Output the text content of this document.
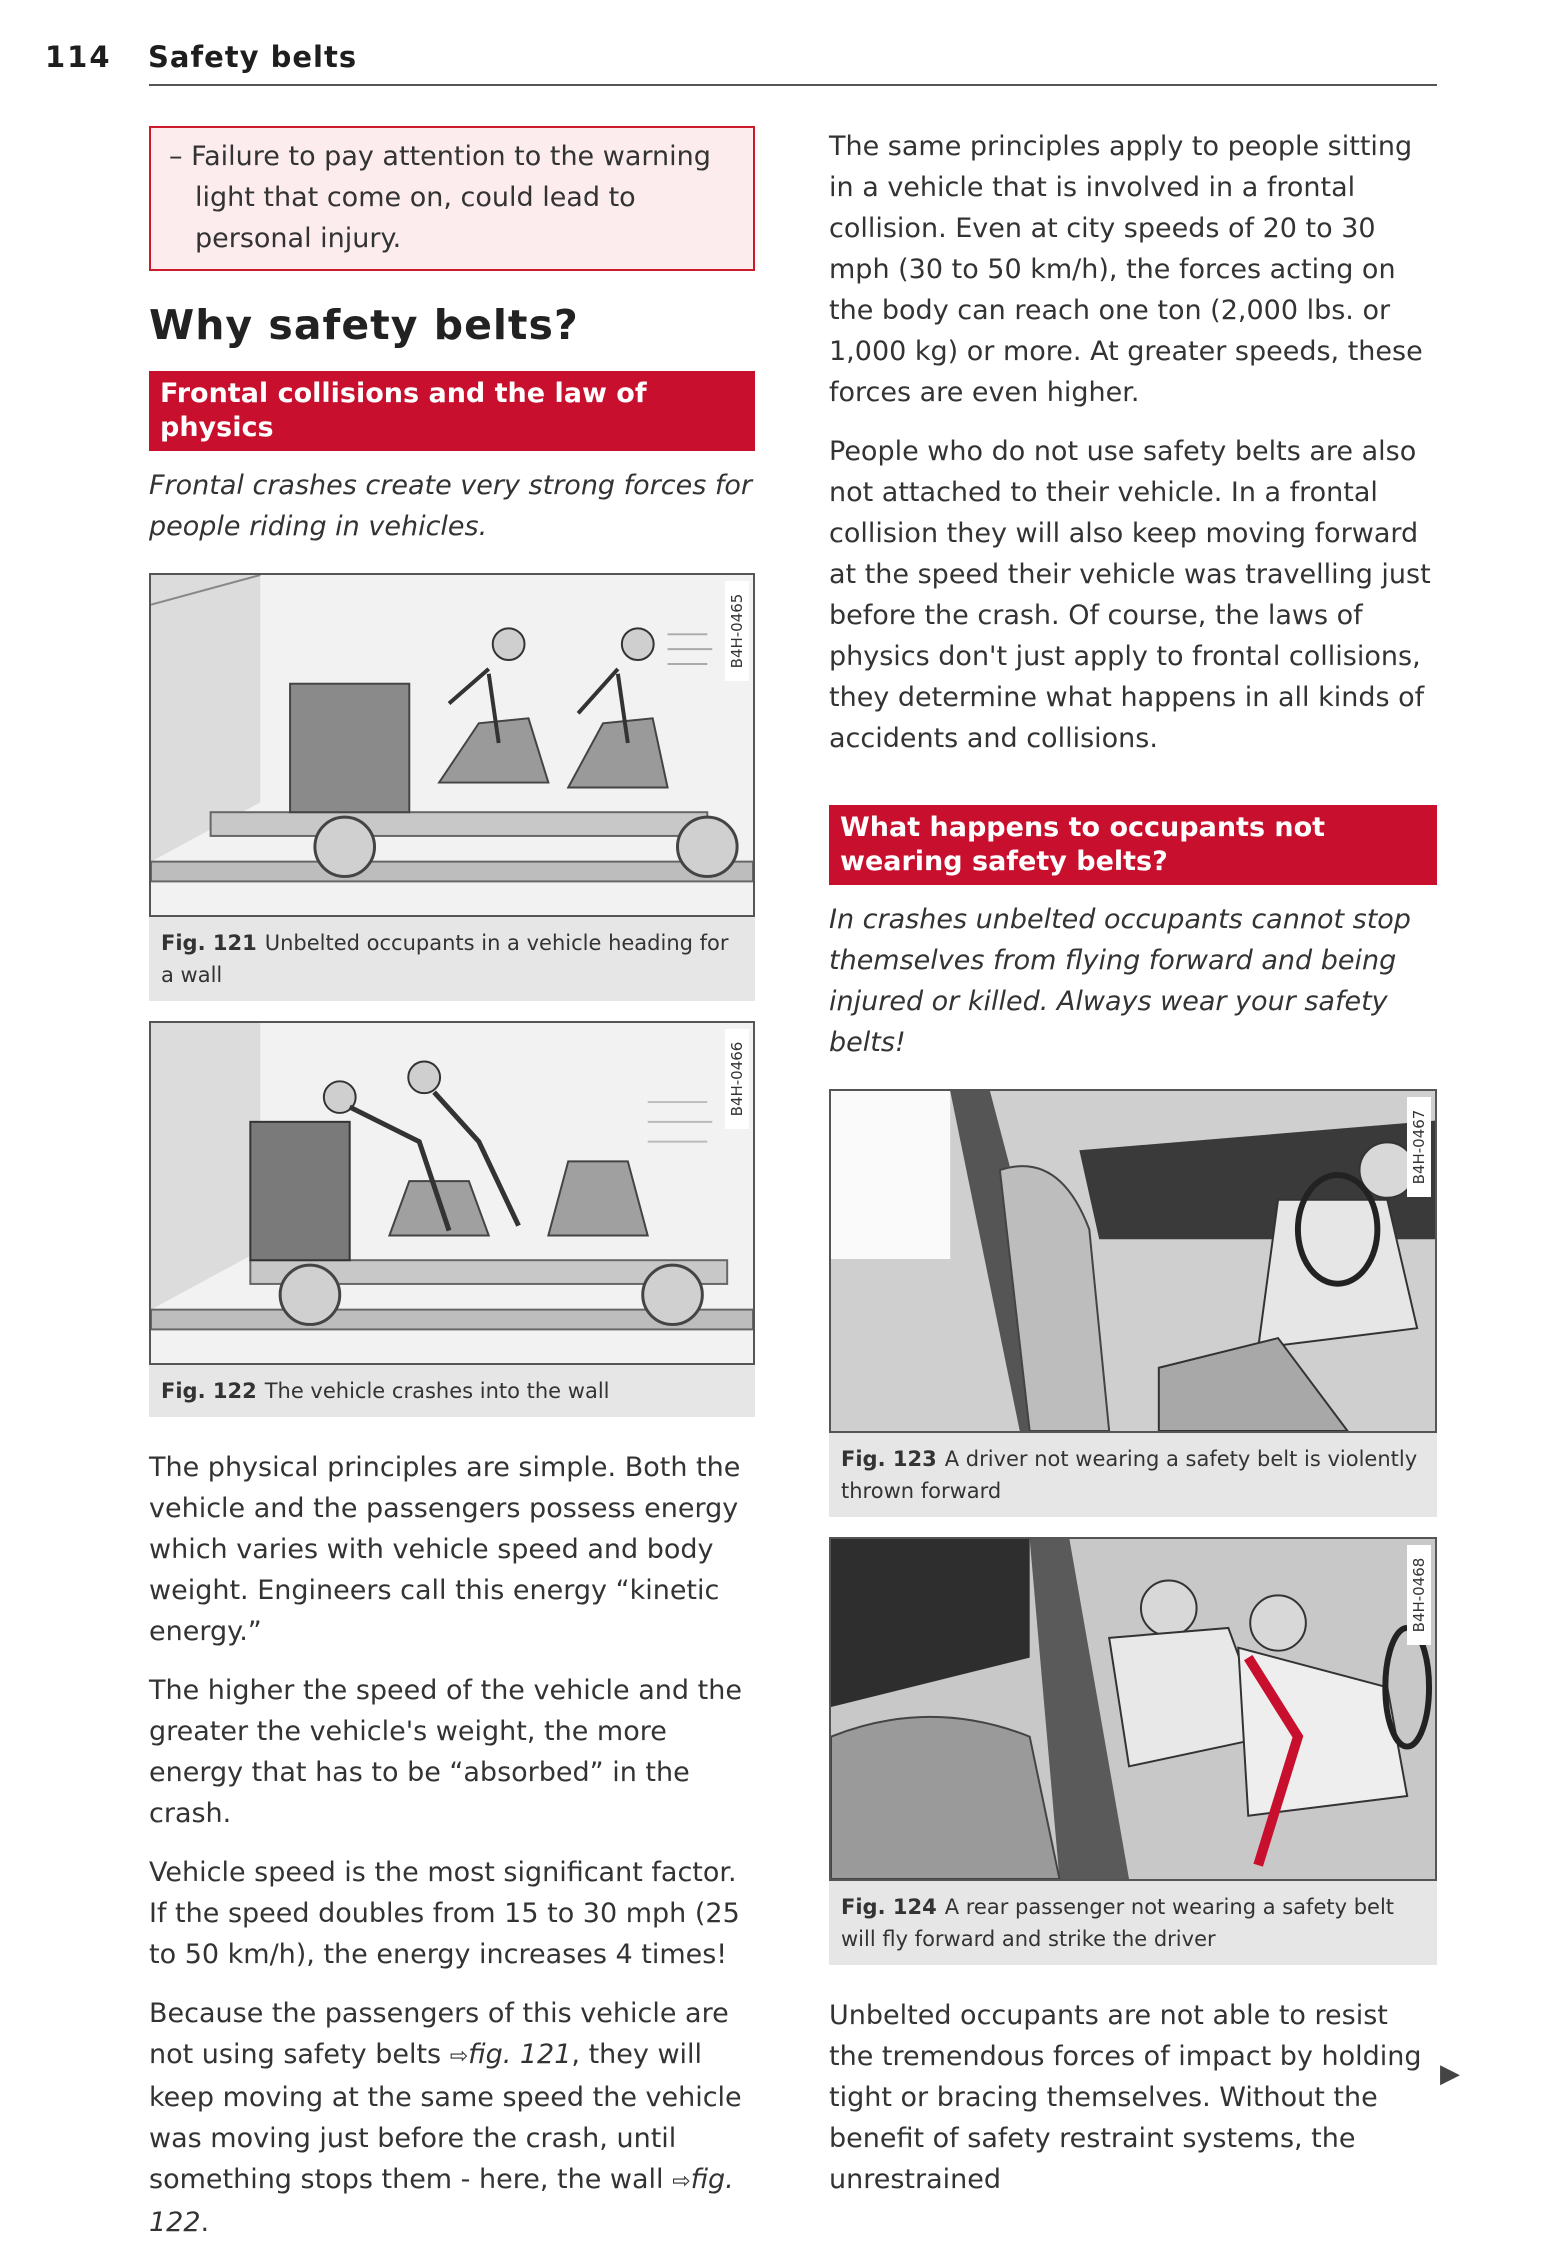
114 Safety belts
– Failure to pay attention to the warning light that come on, could lead to personal injury.
Why safety belts?
Frontal collisions and the law of physics
Frontal crashes create very strong forces for people riding in vehicles.
B4H-0465
Fig. 121 Unbelted occupants in a vehicle heading for a wall
B4H-0466
Fig. 122 The vehicle crashes into the wall

The physical principles are simple. Both the vehicle and the passengers possess energy which varies with vehicle speed and body weight. Engineers call this energy “kinetic energy.”

The higher the speed of the vehicle and the greater the vehicle's weight, the more energy that has to be “absorbed” in the crash.

Vehicle speed is the most significant factor. If the speed doubles from 15 to 30 mph (25 to 50 km/h), the energy increases 4 times!

Because the passengers of this vehicle are not using safety belts ⇨fig. 121, they will keep moving at the same speed the vehicle was moving just before the crash, until something stops them - here, the wall ⇨fig. 122.

The same principles apply to people sitting in a vehicle that is involved in a frontal collision. Even at city speeds of 20 to 30 mph (30 to 50 km/h), the forces acting on the body can reach one ton (2,000 lbs. or 1,000 kg) or more. At greater speeds, these forces are even higher.

People who do not use safety belts are also not attached to their vehicle. In a frontal collision they will also keep moving forward at the speed their vehicle was travelling just before the crash. Of course, the laws of physics don't just apply to frontal collisions, they determine what happens in all kinds of accidents and collisions.

What happens to occupants not wearing safety belts?
In crashes unbelted occupants cannot stop themselves from flying forward and being injured or killed. Always wear your safety belts!
B4H-0467
Fig. 123 A driver not wearing a safety belt is violently thrown forward
B4H-0468
Fig. 124 A rear passenger not wearing a safety belt will fly forward and strike the driver

Unbelted occupants are not able to resist the tremendous forces of impact by holding tight or bracing themselves. Without the benefit of safety restraint systems, the unrestrained

▶
